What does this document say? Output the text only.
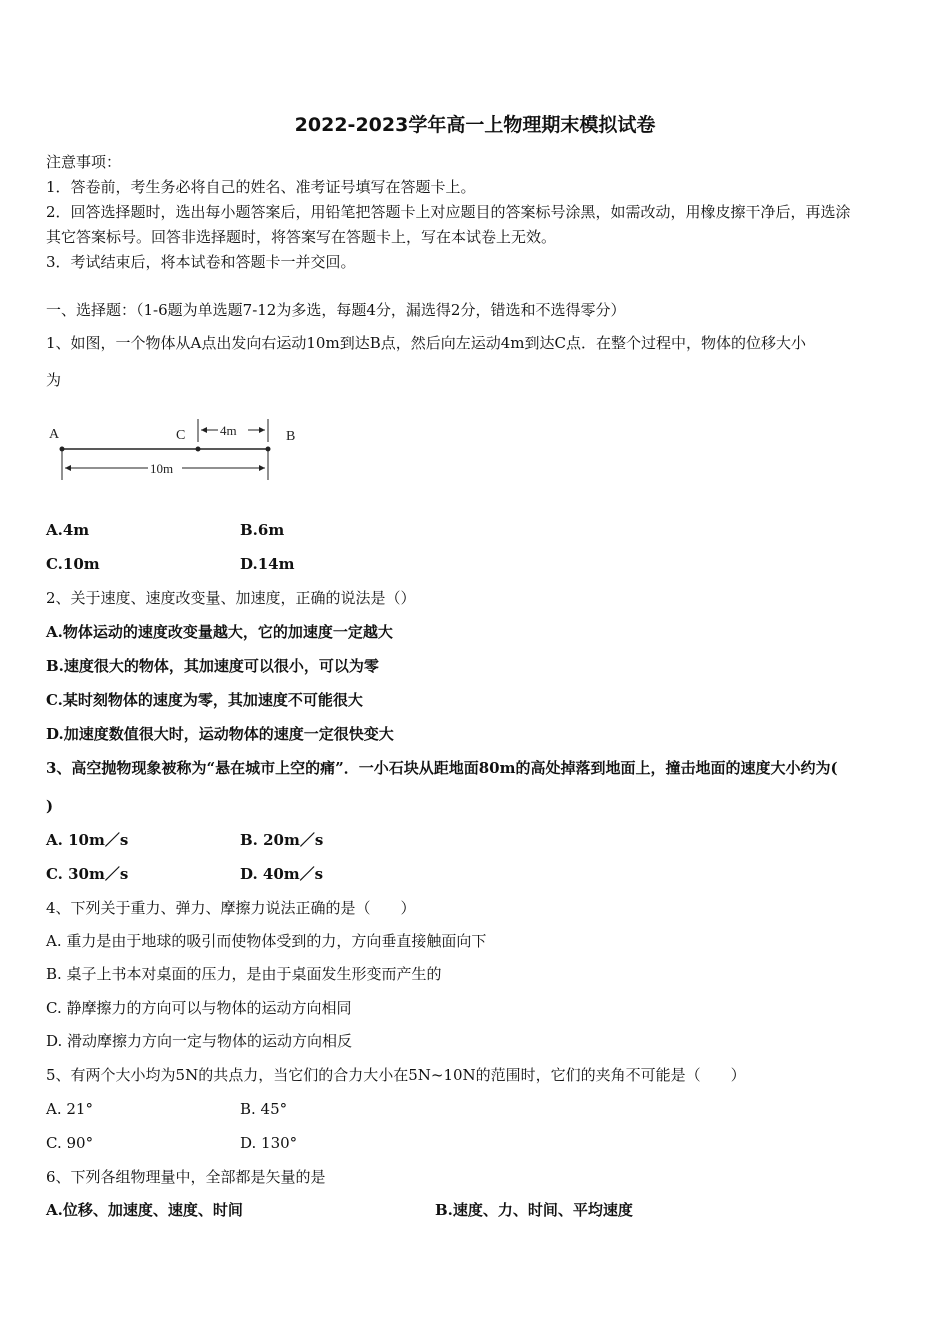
2022-2023学年高一上物理期末模拟试卷
注意事项：
1．答卷前，考生务必将自己的姓名、准考证号填写在答题卡上。
2．回答选择题时，选出每小题答案后，用铅笔把答题卡上对应题目的答案标号涂黑，如需改动，用橡皮擦干净后，再选涂
其它答案标号。回答非选择题时，将答案写在答题卡上，写在本试卷上无效。
3．考试结束后，将本试卷和答题卡一并交回。
一、选择题：（1-6题为单选题7-12为多选，每题4分，漏选得2分，错选和不选得零分）
1、如图，一个物体从A点出发向右运动10m到达B点，然后向左运动4m到达C点．在整个过程中，物体的位移大小
为
A	C	B
4m
10m
A.4m	B.6m
C.10m	D.14m
2、关于速度、速度改变量、加速度，正确的说法是（）
A.物体运动的速度改变量越大，它的加速度一定越大
B.速度很大的物体，其加速度可以很小，可以为零
C.某时刻物体的速度为零，其加速度不可能很大
D.加速度数值很大时，运动物体的速度一定很快变大
3、高空抛物现象被称为“悬在城市上空的痛”．一小石块从距地面80m的高处掉落到地面上，撞击地面的速度大小约为(
)
A. 10m／s	B. 20m／s
C. 30m／s	D. 40m／s
4、下列关于重力、弹力、摩擦力说法正确的是（　　）
A. 重力是由于地球的吸引而使物体受到的力，方向垂直接触面向下
B. 桌子上书本对桌面的压力，是由于桌面发生形变而产生的
C. 静摩擦力的方向可以与物体的运动方向相同
D. 滑动摩擦力方向一定与物体的运动方向相反
5、有两个大小均为5N的共点力，当它们的合力大小在5N~10N的范围时，它们的夹角不可能是（　　）
A. 21°	B. 45°
C. 90°	D. 130°
6、下列各组物理量中，全部都是矢量的是
A.位移、加速度、速度、时间	B.速度、力、时间、平均速度
